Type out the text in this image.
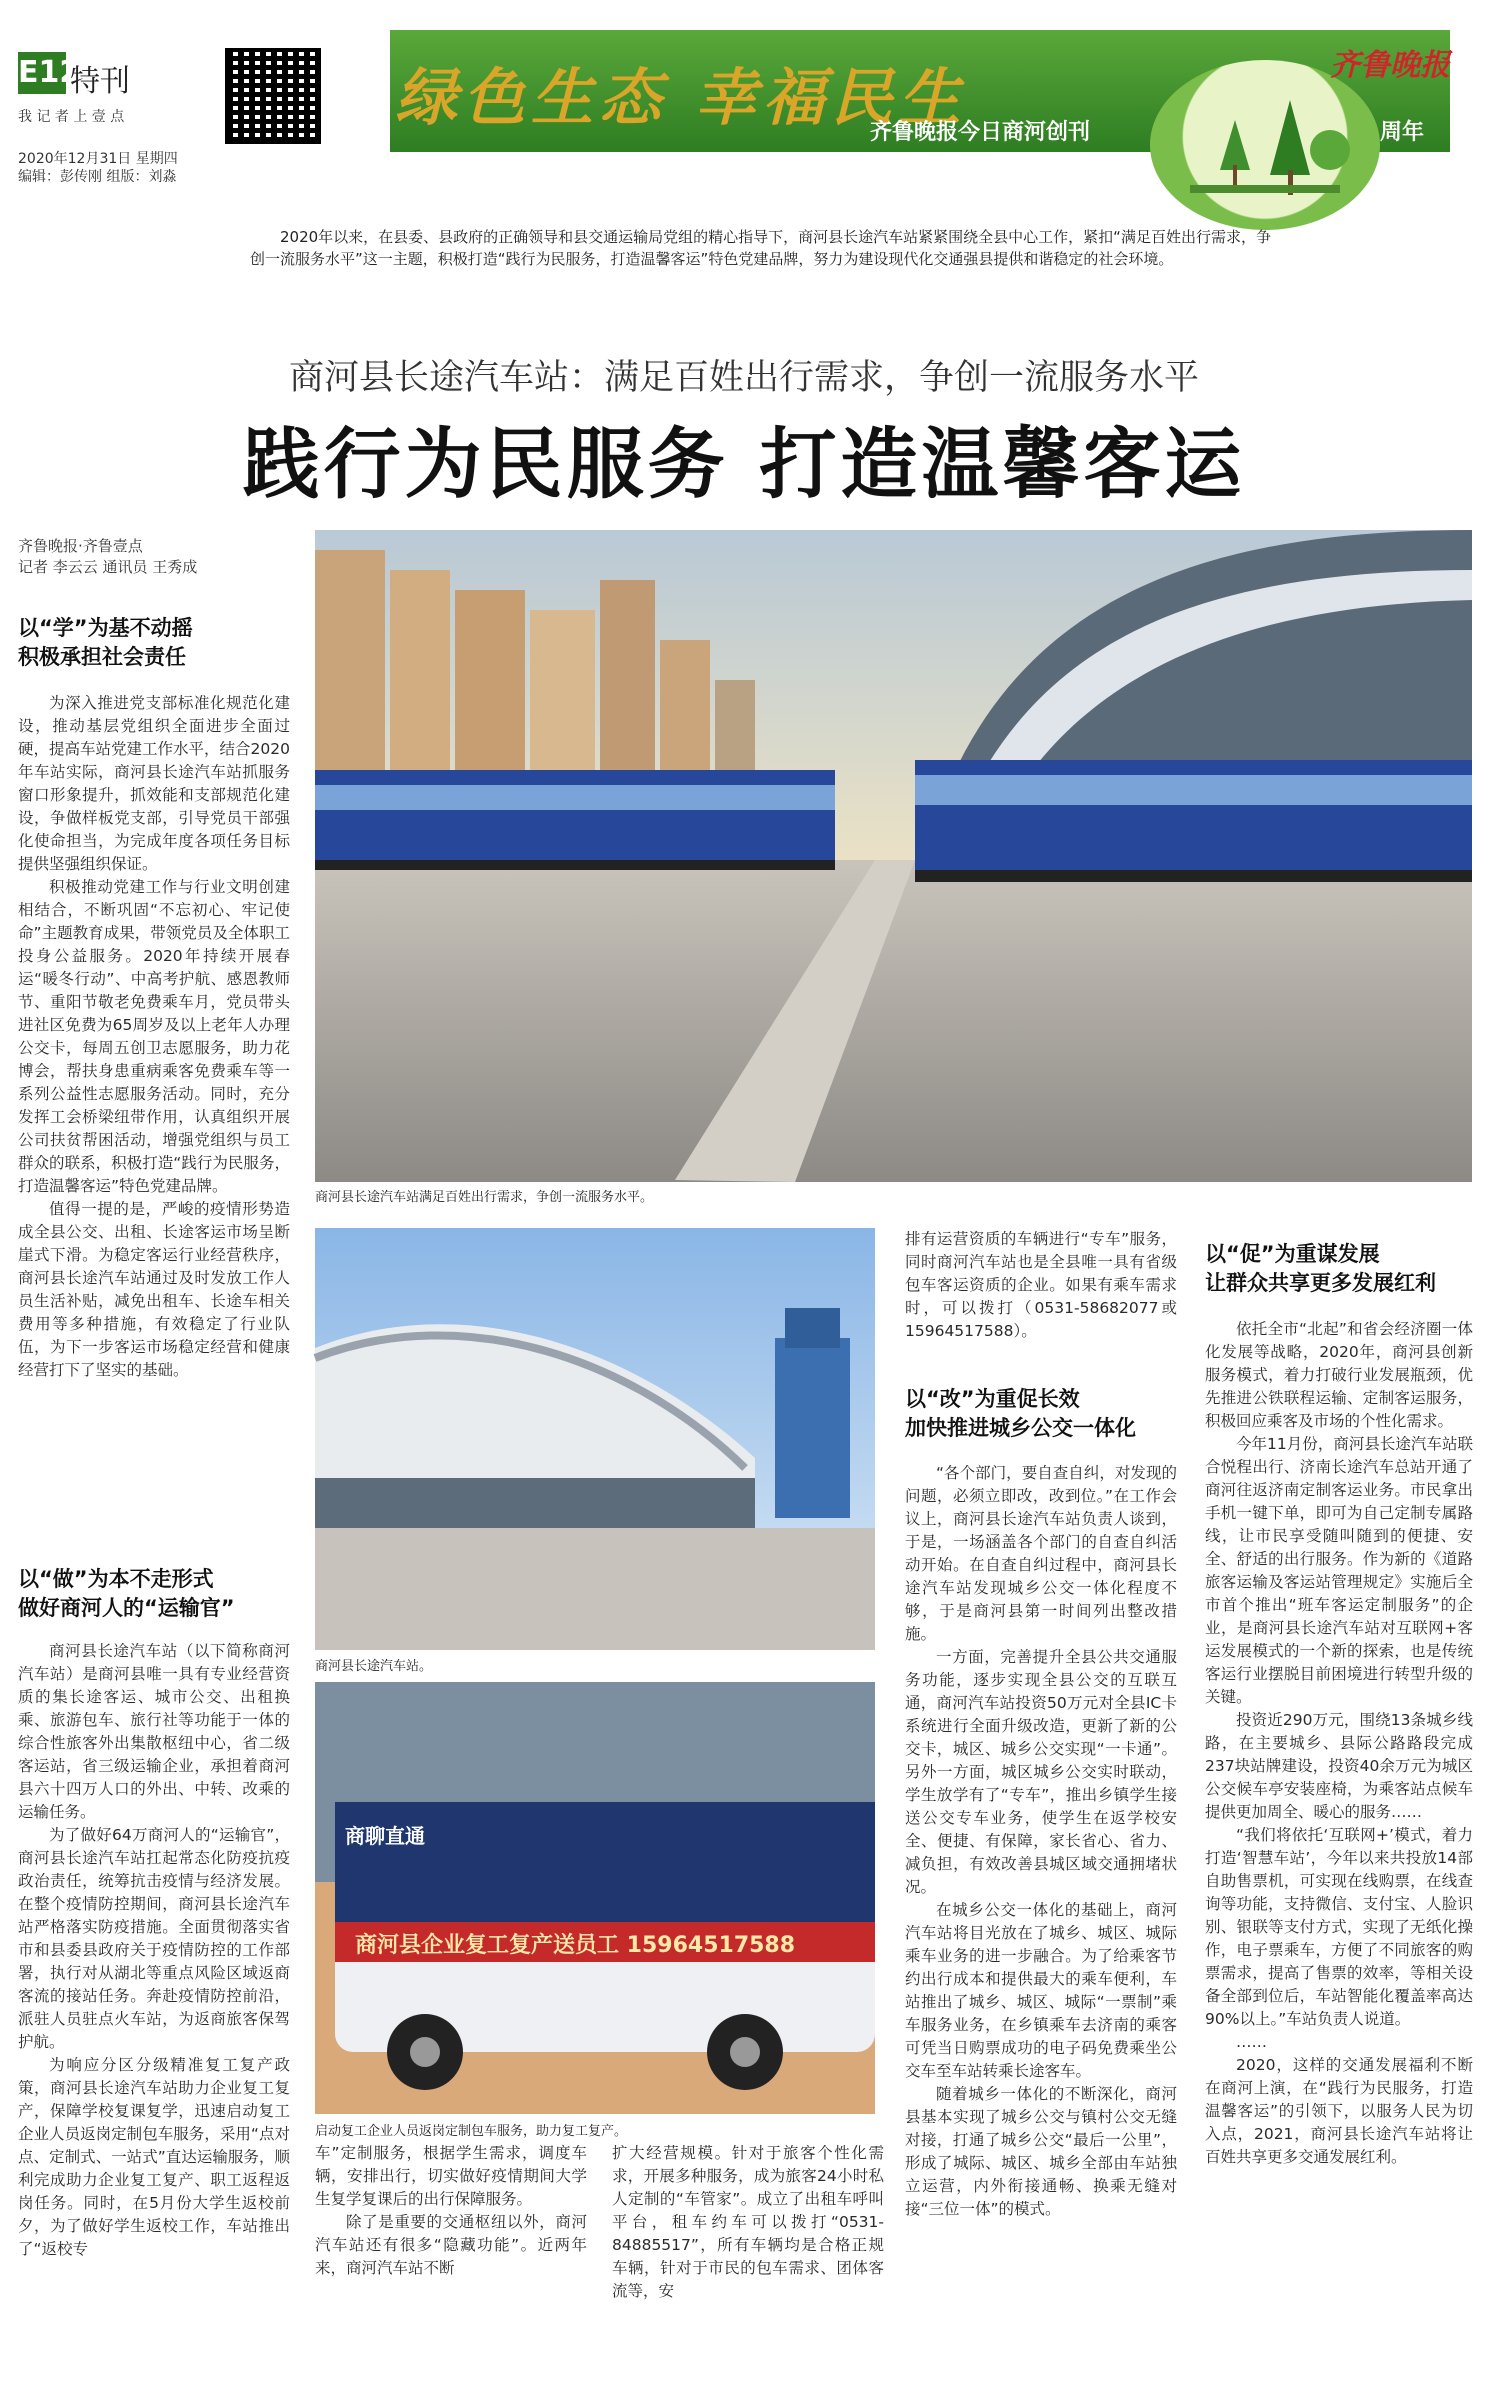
E12
特刊
我 记 者 上 壹 点
2020年12月31日 星期四
编辑：彭传刚 组版：刘淼
绿色生态 幸福民生	齐鲁晚报
齐鲁晚报今日商河创刊	周年
2020年以来，在县委、县政府的正确领导和县交通运输局党组的精心指导下，商河县长途汽车站紧紧围绕全县中心工作，紧扣“满足百姓出行需求，争创一流服务水平”这一主题，积极打造“践行为民服务，打造温馨客运”特色党建品牌，努力为建设现代化交通强县提供和谐稳定的社会环境。
商河县长途汽车站：满足百姓出行需求，争创一流服务水平
践行为民服务 打造温馨客运
齐鲁晚报·齐鲁壹点
记者 李云云 通讯员 王秀成
以“学”为基不动摇
积极承担社会责任

为深入推进党支部标准化规范化建设，推动基层党组织全面进步全面过硬，提高车站党建工作水平，结合2020年车站实际，商河县长途汽车站抓服务窗口形象提升，抓效能和支部规范化建设，争做样板党支部，引导党员干部强化使命担当，为完成年度各项任务目标提供坚强组织保证。

积极推动党建工作与行业文明创建相结合，不断巩固“不忘初心、牢记使命”主题教育成果，带领党员及全体职工投身公益服务。2020年持续开展春运“暖冬行动”、中高考护航、感恩教师节、重阳节敬老免费乘车月，党员带头进社区免费为65周岁及以上老年人办理公交卡，每周五创卫志愿服务，助力花博会，帮扶身患重病乘客免费乘车等一系列公益性志愿服务活动。同时，充分发挥工会桥梁纽带作用，认真组织开展公司扶贫帮困活动，增强党组织与员工群众的联系，积极打造“践行为民服务，打造温馨客运”特色党建品牌。

值得一提的是，严峻的疫情形势造成全县公交、出租、长途客运市场呈断崖式下滑。为稳定客运行业经营秩序，商河县长途汽车站通过及时发放工作人员生活补贴，减免出租车、长途车相关费用等多种措施，有效稳定了行业队伍，为下一步客运市场稳定经营和健康经营打下了坚实的基础。

以“做”为本不走形式
做好商河人的“运输官”

商河县长途汽车站（以下简称商河汽车站）是商河县唯一具有专业经营资质的集长途客运、城市公交、出租换乘、旅游包车、旅行社等功能于一体的综合性旅客外出集散枢纽中心，省二级客运站，省三级运输企业，承担着商河县六十四万人口的外出、中转、改乘的运输任务。

为了做好64万商河人的“运输官”，商河县长途汽车站扛起常态化防疫抗疫政治责任，统筹抗击疫情与经济发展。在整个疫情防控期间，商河县长途汽车站严格落实防疫措施。全面贯彻落实省市和县委县政府关于疫情防控的工作部署，执行对从湖北等重点风险区域返商客流的接站任务。奔赴疫情防控前沿，派驻人员驻点火车站，为返商旅客保驾护航。

为响应分区分级精准复工复产政策，商河县长途汽车站助力企业复工复产，保障学校复课复学，迅速启动复工企业人员返岗定制包车服务，采用“点对点、定制式、一站式”直达运输服务，顺利完成助力企业复工复产、职工返程返岗任务。同时，在5月份大学生返校前夕，为了做好学生返校工作，车站推出了“返校专

商河县长途汽车站满足百姓出行需求，争创一流服务水平。
商河县长途汽车站。
商聊直通
商河县企业复工复产送员工 15964517588
启动复工企业人员返岗定制包车服务，助力复工复产。

车”定制服务，根据学生需求，调度车辆，安排出行，切实做好疫情期间大学生复学复课后的出行保障服务。

除了是重要的交通枢纽以外，商河汽车站还有很多“隐藏功能”。近两年来，商河汽车站不断

排有运营资质的车辆进行“专车”服务，同时商河汽车站也是全县唯一具有省级包车客运资质的企业。如果有乘车需求时，可以拨打（0531-58682077或15964517588）。

以“改”为重促长效
加快推进城乡公交一体化

“各个部门，要自查自纠，对发现的问题，必须立即改，改到位。”在工作会议上，商河县长途汽车站负责人谈到，于是，一场涵盖各个部门的自查自纠活动开始。在自查自纠过程中，商河县长途汽车站发现城乡公交一体化程度不够，于是商河县第一时间列出整改措施。

一方面，完善提升全县公共交通服务功能，逐步实现全县公交的互联互通，商河汽车站投资50万元对全县IC卡系统进行全面升级改造，更新了新的公交卡，城区、城乡公交实现“一卡通”。另外一方面，城区城乡公交实时联动，学生放学有了“专车”，推出乡镇学生接送公交专车业务，使学生在返学校安全、便捷、有保障，家长省心、省力、减负担，有效改善县城区域交通拥堵状况。

在城乡公交一体化的基础上，商河汽车站将目光放在了城乡、城区、城际乘车业务的进一步融合。为了给乘客节约出行成本和提供最大的乘车便利，车站推出了城乡、城区、城际“一票制”乘车服务业务，在乡镇乘车去济南的乘客可凭当日购票成功的电子码免费乘坐公交车至车站转乘长途客车。

随着城乡一体化的不断深化，商河县基本实现了城乡公交与镇村公交无缝对接，打通了城乡公交“最后一公里”，形成了城际、城区、城乡全部由车站独立运营，内外衔接通畅、换乘无缝对接“三位一体”的模式。

扩大经营规模。针对于旅客个性化需求，开展多种服务，成为旅客24小时私人定制的“车管家”。成立了出租车呼叫平台，租车约车可以拨打“0531-84885517”，所有车辆均是合格正规车辆，针对于市民的包车需求、团体客流等，安

以“促”为重谋发展
让群众共享更多发展红利

依托全市“北起”和省会经济圈一体化发展等战略，2020年，商河县创新服务模式，着力打破行业发展瓶颈，优先推进公铁联程运输、定制客运服务，积极回应乘客及市场的个性化需求。

今年11月份，商河县长途汽车站联合悦程出行、济南长途汽车总站开通了商河往返济南定制客运业务。市民拿出手机一键下单，即可为自己定制专属路线，让市民享受随叫随到的便捷、安全、舒适的出行服务。作为新的《道路旅客运输及客运站管理规定》实施后全市首个推出“班车客运定制服务”的企业，是商河县长途汽车站对互联网+客运发展模式的一个新的探索，也是传统客运行业摆脱目前困境进行转型升级的关键。

投资近290万元，围绕13条城乡线路，在主要城乡、县际公路路段完成237块站牌建设，投资40余万元为城区公交候车亭安装座椅，为乘客站点候车提供更加周全、暖心的服务……

“我们将依托‘互联网+’模式，着力打造‘智慧车站’，今年以来共投放14部自助售票机，可实现在线购票，在线查询等功能，支持微信、支付宝、人脸识别、银联等支付方式，实现了无纸化操作，电子票乘车，方便了不同旅客的购票需求，提高了售票的效率，等相关设备全部到位后，车站智能化覆盖率高达90%以上。”车站负责人说道。

……

2020，这样的交通发展福利不断在商河上演，在“践行为民服务，打造温馨客运”的引领下，以服务人民为切入点，2021，商河县长途汽车站将让百姓共享更多交通发展红利。
